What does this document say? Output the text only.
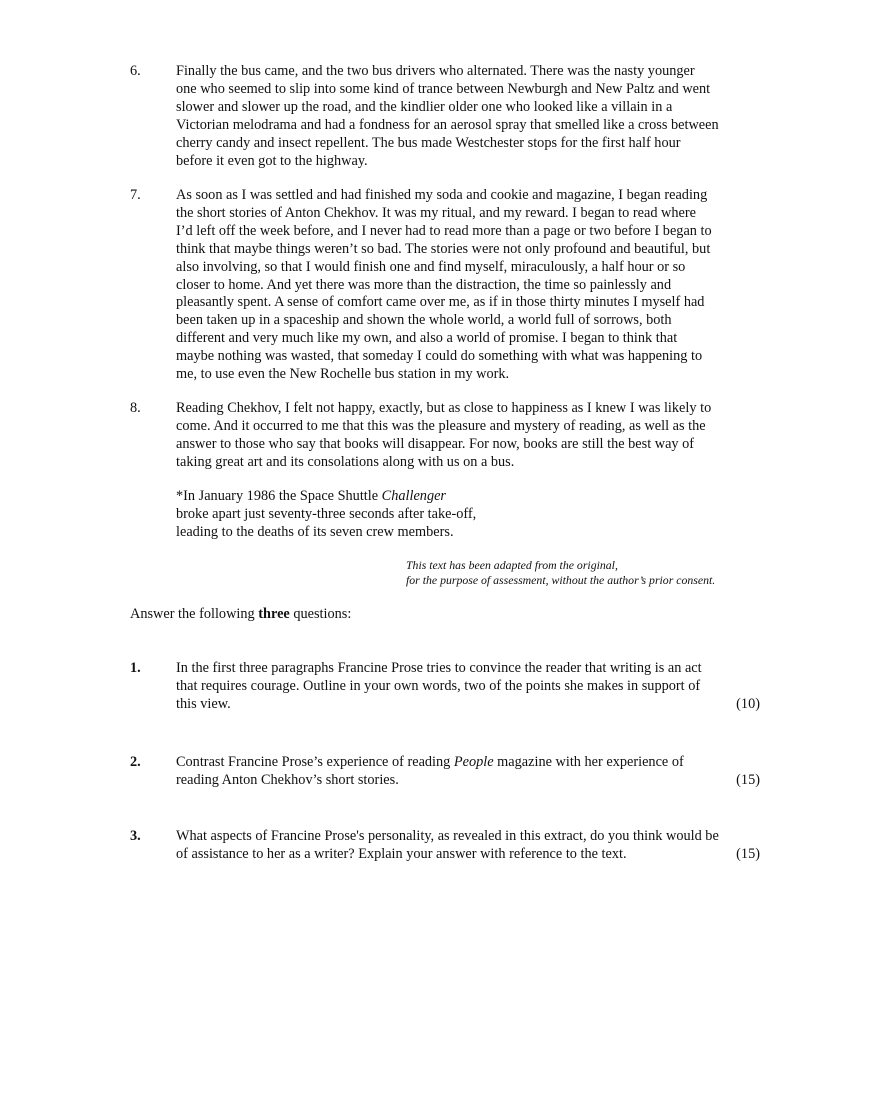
6. Finally the bus came, and the two bus drivers who alternated. There was the nasty younger
one who seemed to slip into some kind of trance between Newburgh and New Paltz and went
slower and slower up the road, and the kindlier older one who looked like a villain in a
Victorian melodrama and had a fondness for an aerosol spray that smelled like a cross between
cherry candy and insect repellent. The bus made Westchester stops for the first half hour
before it even got to the highway.
7. As soon as I was settled and had finished my soda and cookie and magazine, I began reading
the short stories of Anton Chekhov. It was my ritual, and my reward. I began to read where
I’d left off the week before, and I never had to read more than a page or two before I began to
think that maybe things weren’t so bad. The stories were not only profound and beautiful, but
also involving, so that I would finish one and find myself, miraculously, a half hour or so
closer to home. And yet there was more than the distraction, the time so painlessly and
pleasantly spent. A sense of comfort came over me, as if in those thirty minutes I myself had
been taken up in a spaceship and shown the whole world, a world full of sorrows, both
different and very much like my own, and also a world of promise. I began to think that
maybe nothing was wasted, that someday I could do something with what was happening to
me, to use even the New Rochelle bus station in my work.
8. Reading Chekhov, I felt not happy, exactly, but as close to happiness as I knew I was likely to
come. And it occurred to me that this was the pleasure and mystery of reading, as well as the
answer to those who say that books will disappear. For now, books are still the best way of
taking great art and its consolations along with us on a bus.
*In January 1986 the Space Shuttle Challenger
broke apart just seventy-three seconds after take-off,
leading to the deaths of its seven crew members.
This text has been adapted from the original,
for the purpose of assessment, without the author’s prior consent.
Answer the following three questions:
1. In the first three paragraphs Francine Prose tries to convince the reader that writing is an act
that requires courage. Outline in your own words, two of the points she makes in support of
this view.	(10)
2. Contrast Francine Prose’s experience of reading People magazine with her experience of
reading Anton Chekhov’s short stories.	(15)
3. What aspects of Francine Prose's personality, as revealed in this extract, do you think would be
of assistance to her as a writer? Explain your answer with reference to the text.	(15)
